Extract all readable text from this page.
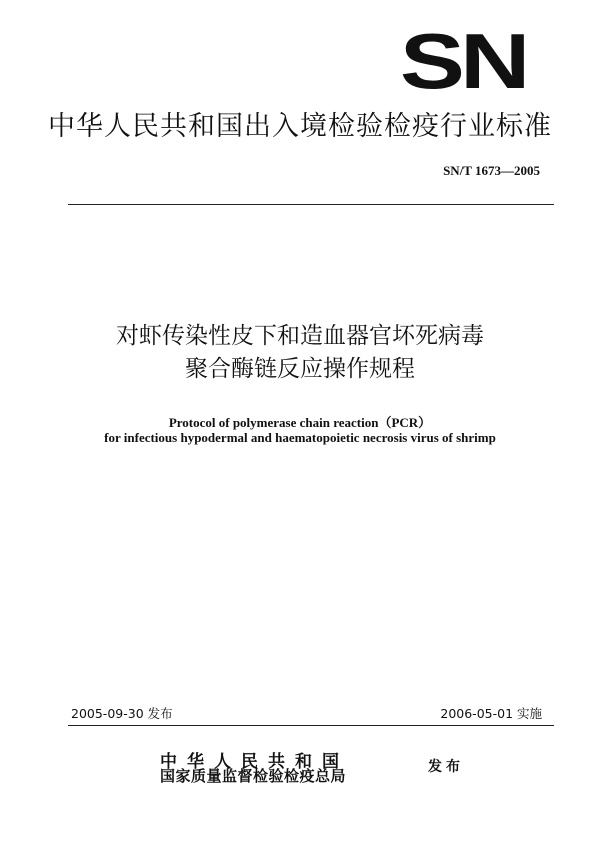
SN
中华人民共和国出入境检验检疫行业标准
SN/T 1673—2005
对虾传染性皮下和造血器官坏死病毒
聚合酶链反应操作规程
Protocol of polymerase chain reaction（PCR）
for infectious hypodermal and haematopoietic necrosis virus of shrimp
2005-09-30 发布	2006-05-01 实施
中华人民共和国
国家质量监督检验检疫总局	发布
